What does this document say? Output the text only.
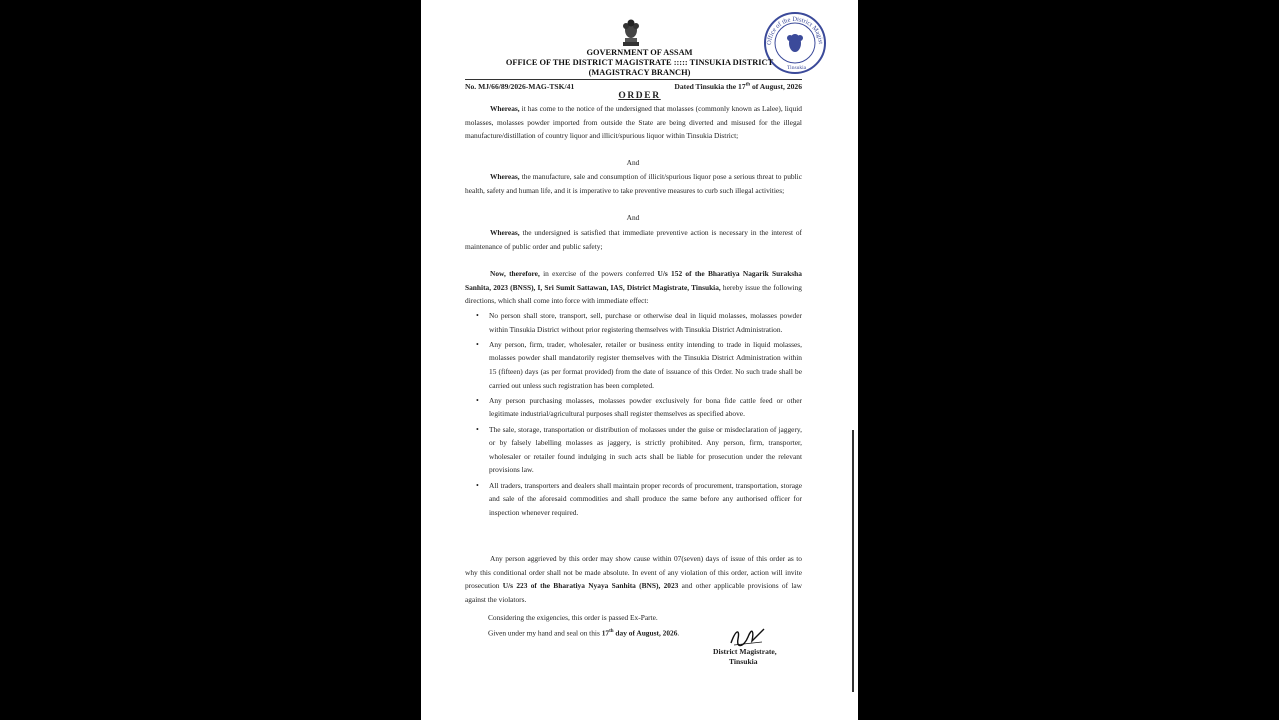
Office of the District Magist
Tinsukia
GOVERNMENT OF ASSAM
OFFICE OF THE DISTRICT MAGISTRATE ::::: TINSUKIA DISTRICT
(MAGISTRACY BRANCH)
No. MJ/66/89/2026-MAG-TSK/41	Dated Tinsukia the 17th of August, 2026
ORDER

Whereas, it has come to the notice of the undersigned that molasses (commonly known as Lalee), liquid molasses, molasses powder imported from outside the State are being diverted and misused for the illegal manufacture/distillation of country liquor and illicit/spurious liquor within Tinsukia District;

And

Whereas, the manufacture, sale and consumption of illicit/spurious liquor pose a serious threat to public health, safety and human life, and it is imperative to take preventive measures to curb such illegal activities;

And

Whereas, the undersigned is satisfied that immediate preventive action is necessary in the interest of maintenance of public order and public safety;

Now, therefore, in exercise of the powers conferred U/s 152 of the Bharatiya Nagarik Suraksha Sanhita, 2023 (BNSS), I, Sri Sumit Sattawan, IAS, District Magistrate, Tinsukia, hereby issue the following directions, which shall come into force with immediate effect:

• No person shall store, transport, sell, purchase or otherwise deal in liquid molasses, molasses powder within Tinsukia District without prior registering themselves with Tinsukia District Administration.
• Any person, firm, trader, wholesaler, retailer or business entity intending to trade in liquid molasses, molasses powder shall mandatorily register themselves with the Tinsukia District Administration within 15 (fifteen) days (as per format provided) from the date of issuance of this Order. No such trade shall be carried out unless such registration has been completed.
• Any person purchasing molasses, molasses powder exclusively for bona fide cattle feed or other legitimate industrial/agricultural purposes shall register themselves as specified above.
• The sale, storage, transportation or distribution of molasses under the guise or misdeclaration of jaggery, or by falsely labelling molasses as jaggery, is strictly prohibited. Any person, firm, transporter, wholesaler or retailer found indulging in such acts shall be liable for prosecution under the relevant provisions law.
• All traders, transporters and dealers shall maintain proper records of procurement, transportation, storage and sale of the aforesaid commodities and shall produce the same before any authorised officer for inspection whenever required.

Any person aggrieved by this order may show cause within 07(seven) days of issue of this order as to why this conditional order shall not be made absolute. In event of any violation of this order, action will invite prosecution U/s 223 of the Bharatiya Nyaya Sanhita (BNS), 2023 and other applicable provisions of law against the violators.

Considering the exigencies, this order is passed Ex-Parte.
Given under my hand and seal on this 17th day of August, 2026.
District Magistrate,
Tinsukia
